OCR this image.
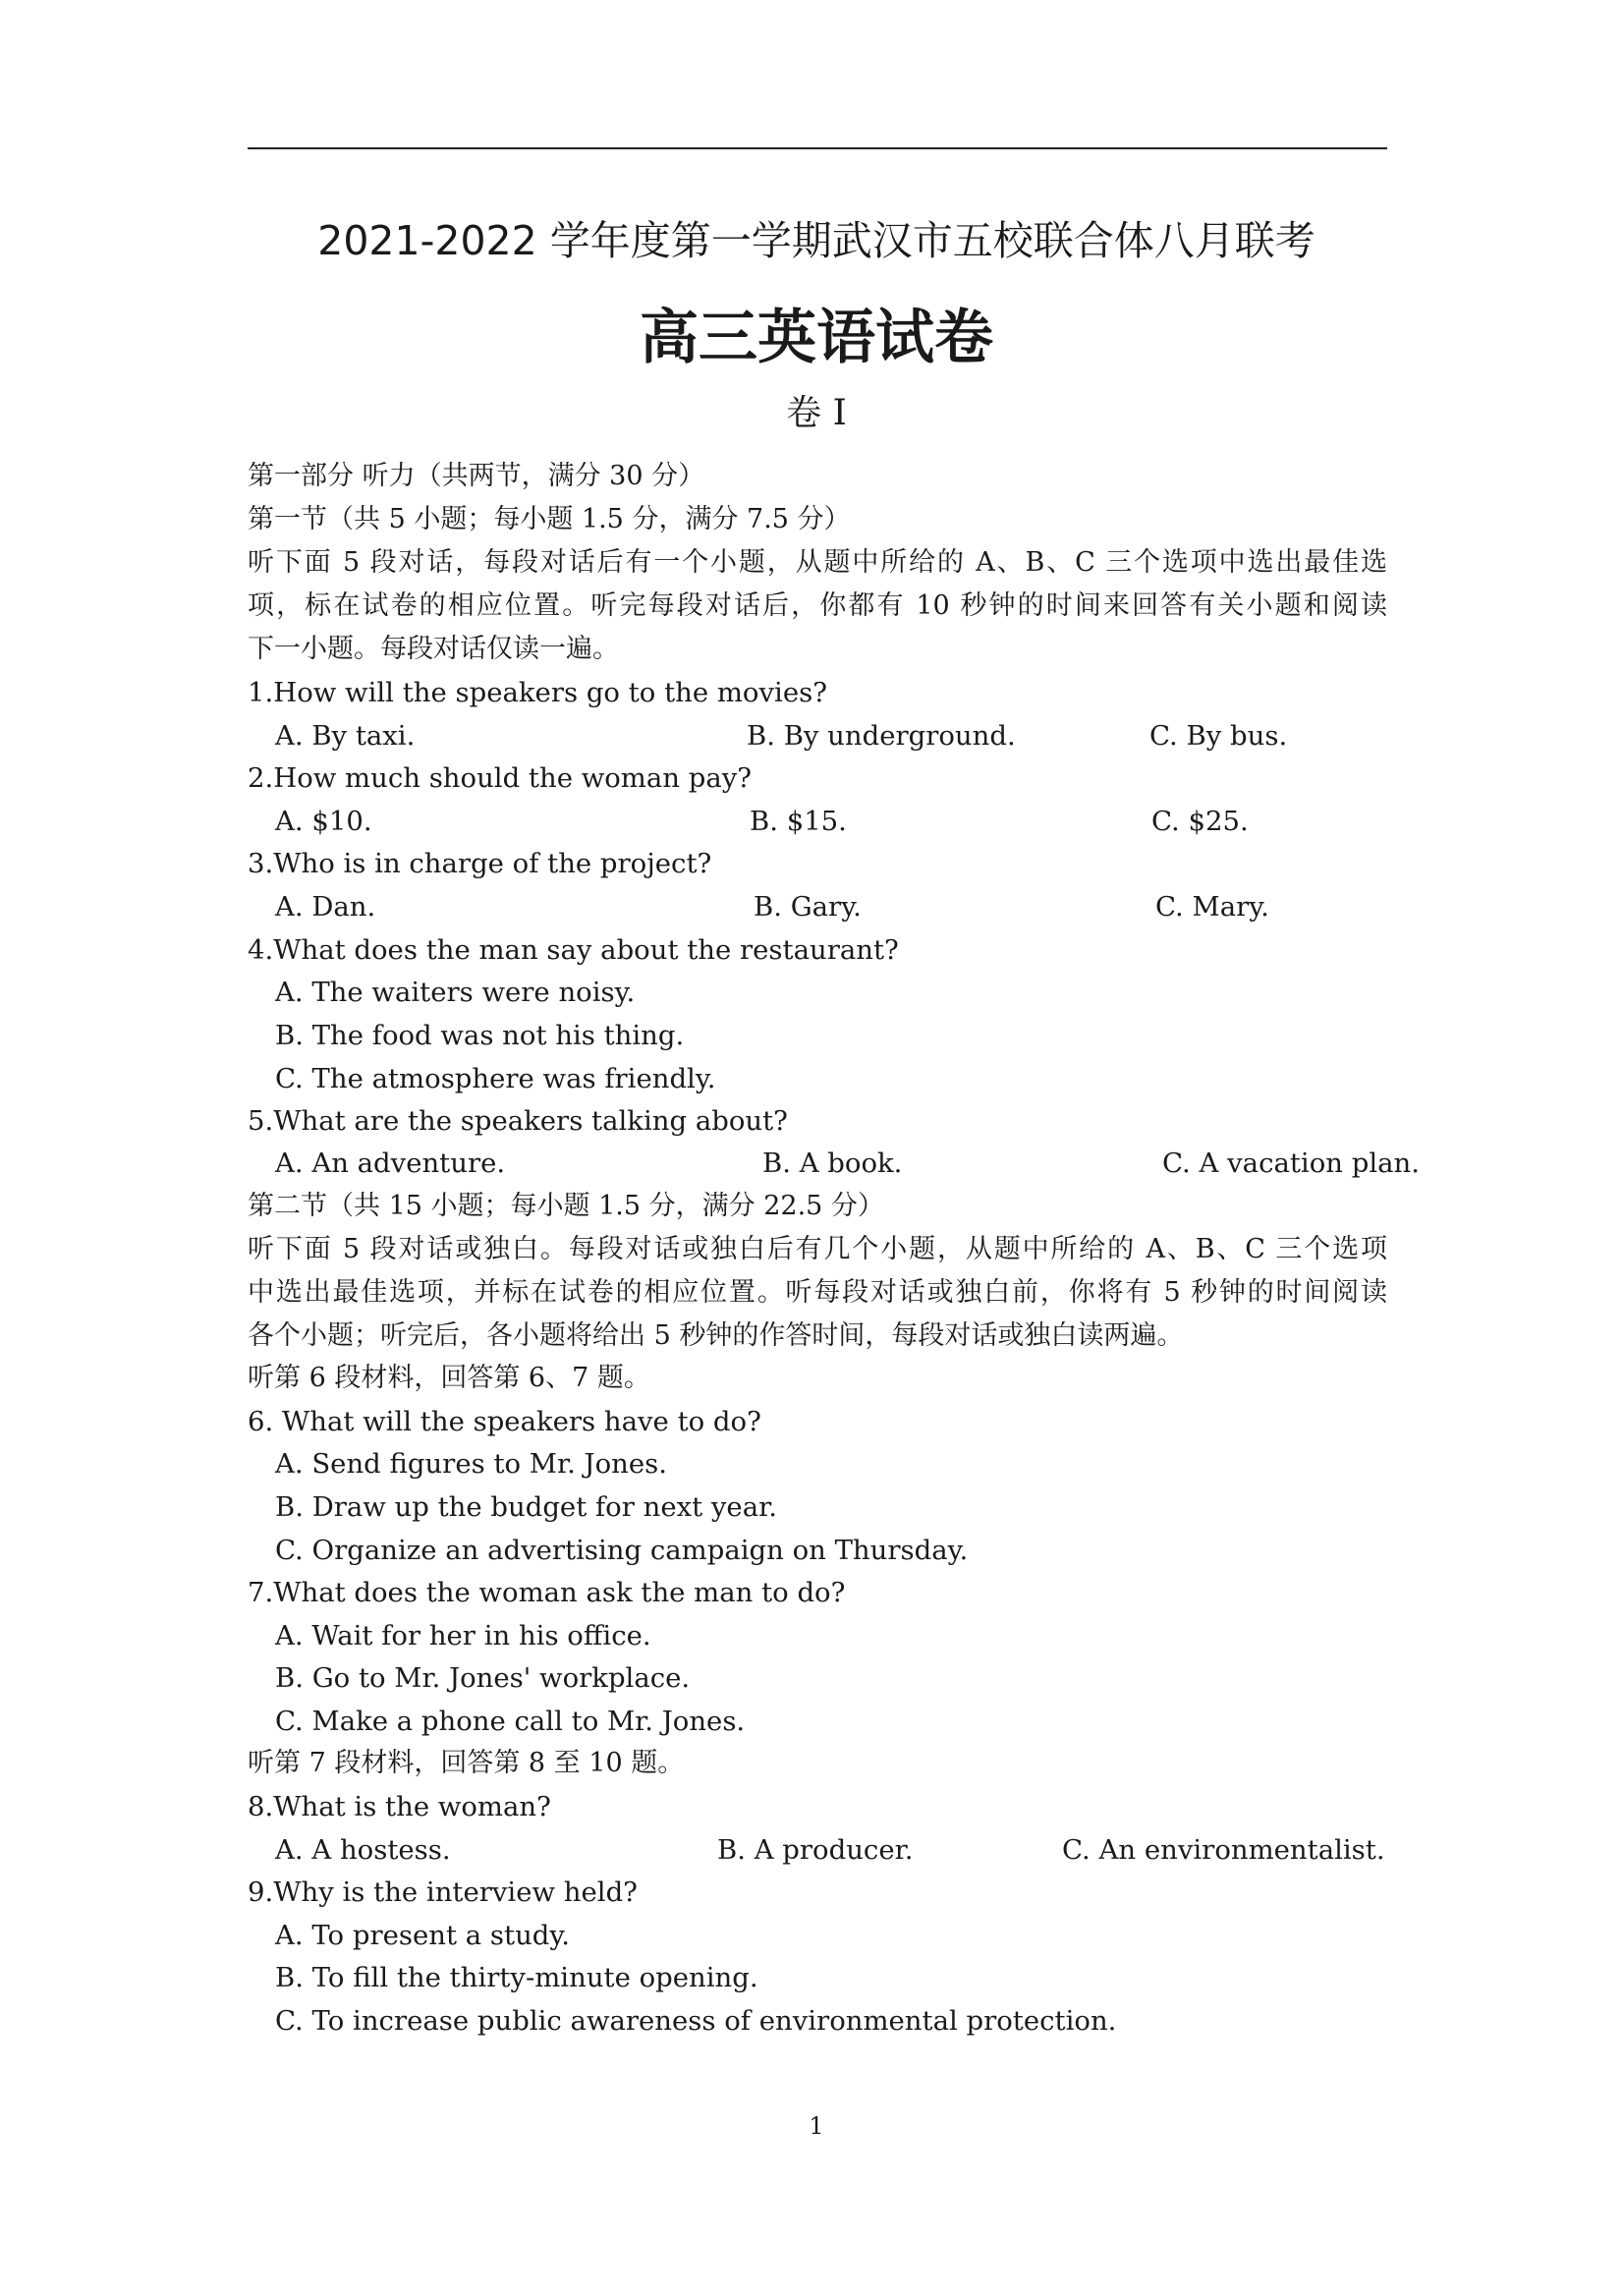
2021-2022 学年度第一学期武汉市五校联合体八月联考
高三英语试卷
卷 I
第一部分 听力（共两节，满分 30 分）
第一节（共 5 小题；每小题 1.5 分，满分 7.5 分）
听下面 5 段对话，每段对话后有一个小题，从题中所给的 A、B、C 三个选项中选出最佳选
项，标在试卷的相应位置。听完每段对话后，你都有 10 秒钟的时间来回答有关小题和阅读
下一小题。每段对话仅读一遍。
1.How will the speakers go to the movies?
A. By taxi.	B. By underground.	C. By bus.
2.How much should the woman pay?
A. $10.	B. $15.	C. $25.
3.Who is in charge of the project?
A. Dan.	B. Gary.	C. Mary.
4.What does the man say about the restaurant?
A. The waiters were noisy.
B. The food was not his thing.
C. The atmosphere was friendly.
5.What are the speakers talking about?
A. An adventure.	B. A book.	C. A vacation plan.
第二节（共 15 小题；每小题 1.5 分，满分 22.5 分）
听下面 5 段对话或独白。每段对话或独白后有几个小题，从题中所给的 A、B、C 三个选项
中选出最佳选项，并标在试卷的相应位置。听每段对话或独白前，你将有 5 秒钟的时间阅读
各个小题；听完后，各小题将给出 5 秒钟的作答时间，每段对话或独白读两遍。
听第 6 段材料，回答第 6、7 题。
6. What will the speakers have to do?
A. Send figures to Mr. Jones.
B. Draw up the budget for next year.
C. Organize an advertising campaign on Thursday.
7.What does the woman ask the man to do?
A. Wait for her in his office.
B. Go to Mr. Jones' workplace.
C. Make a phone call to Mr. Jones.
听第 7 段材料，回答第 8 至 10 题。
8.What is the woman?
A. A hostess.	B. A producer.	C. An environmentalist.
9.Why is the interview held?
A. To present a study.
B. To fill the thirty-minute opening.
C. To increase public awareness of environmental protection.
1
